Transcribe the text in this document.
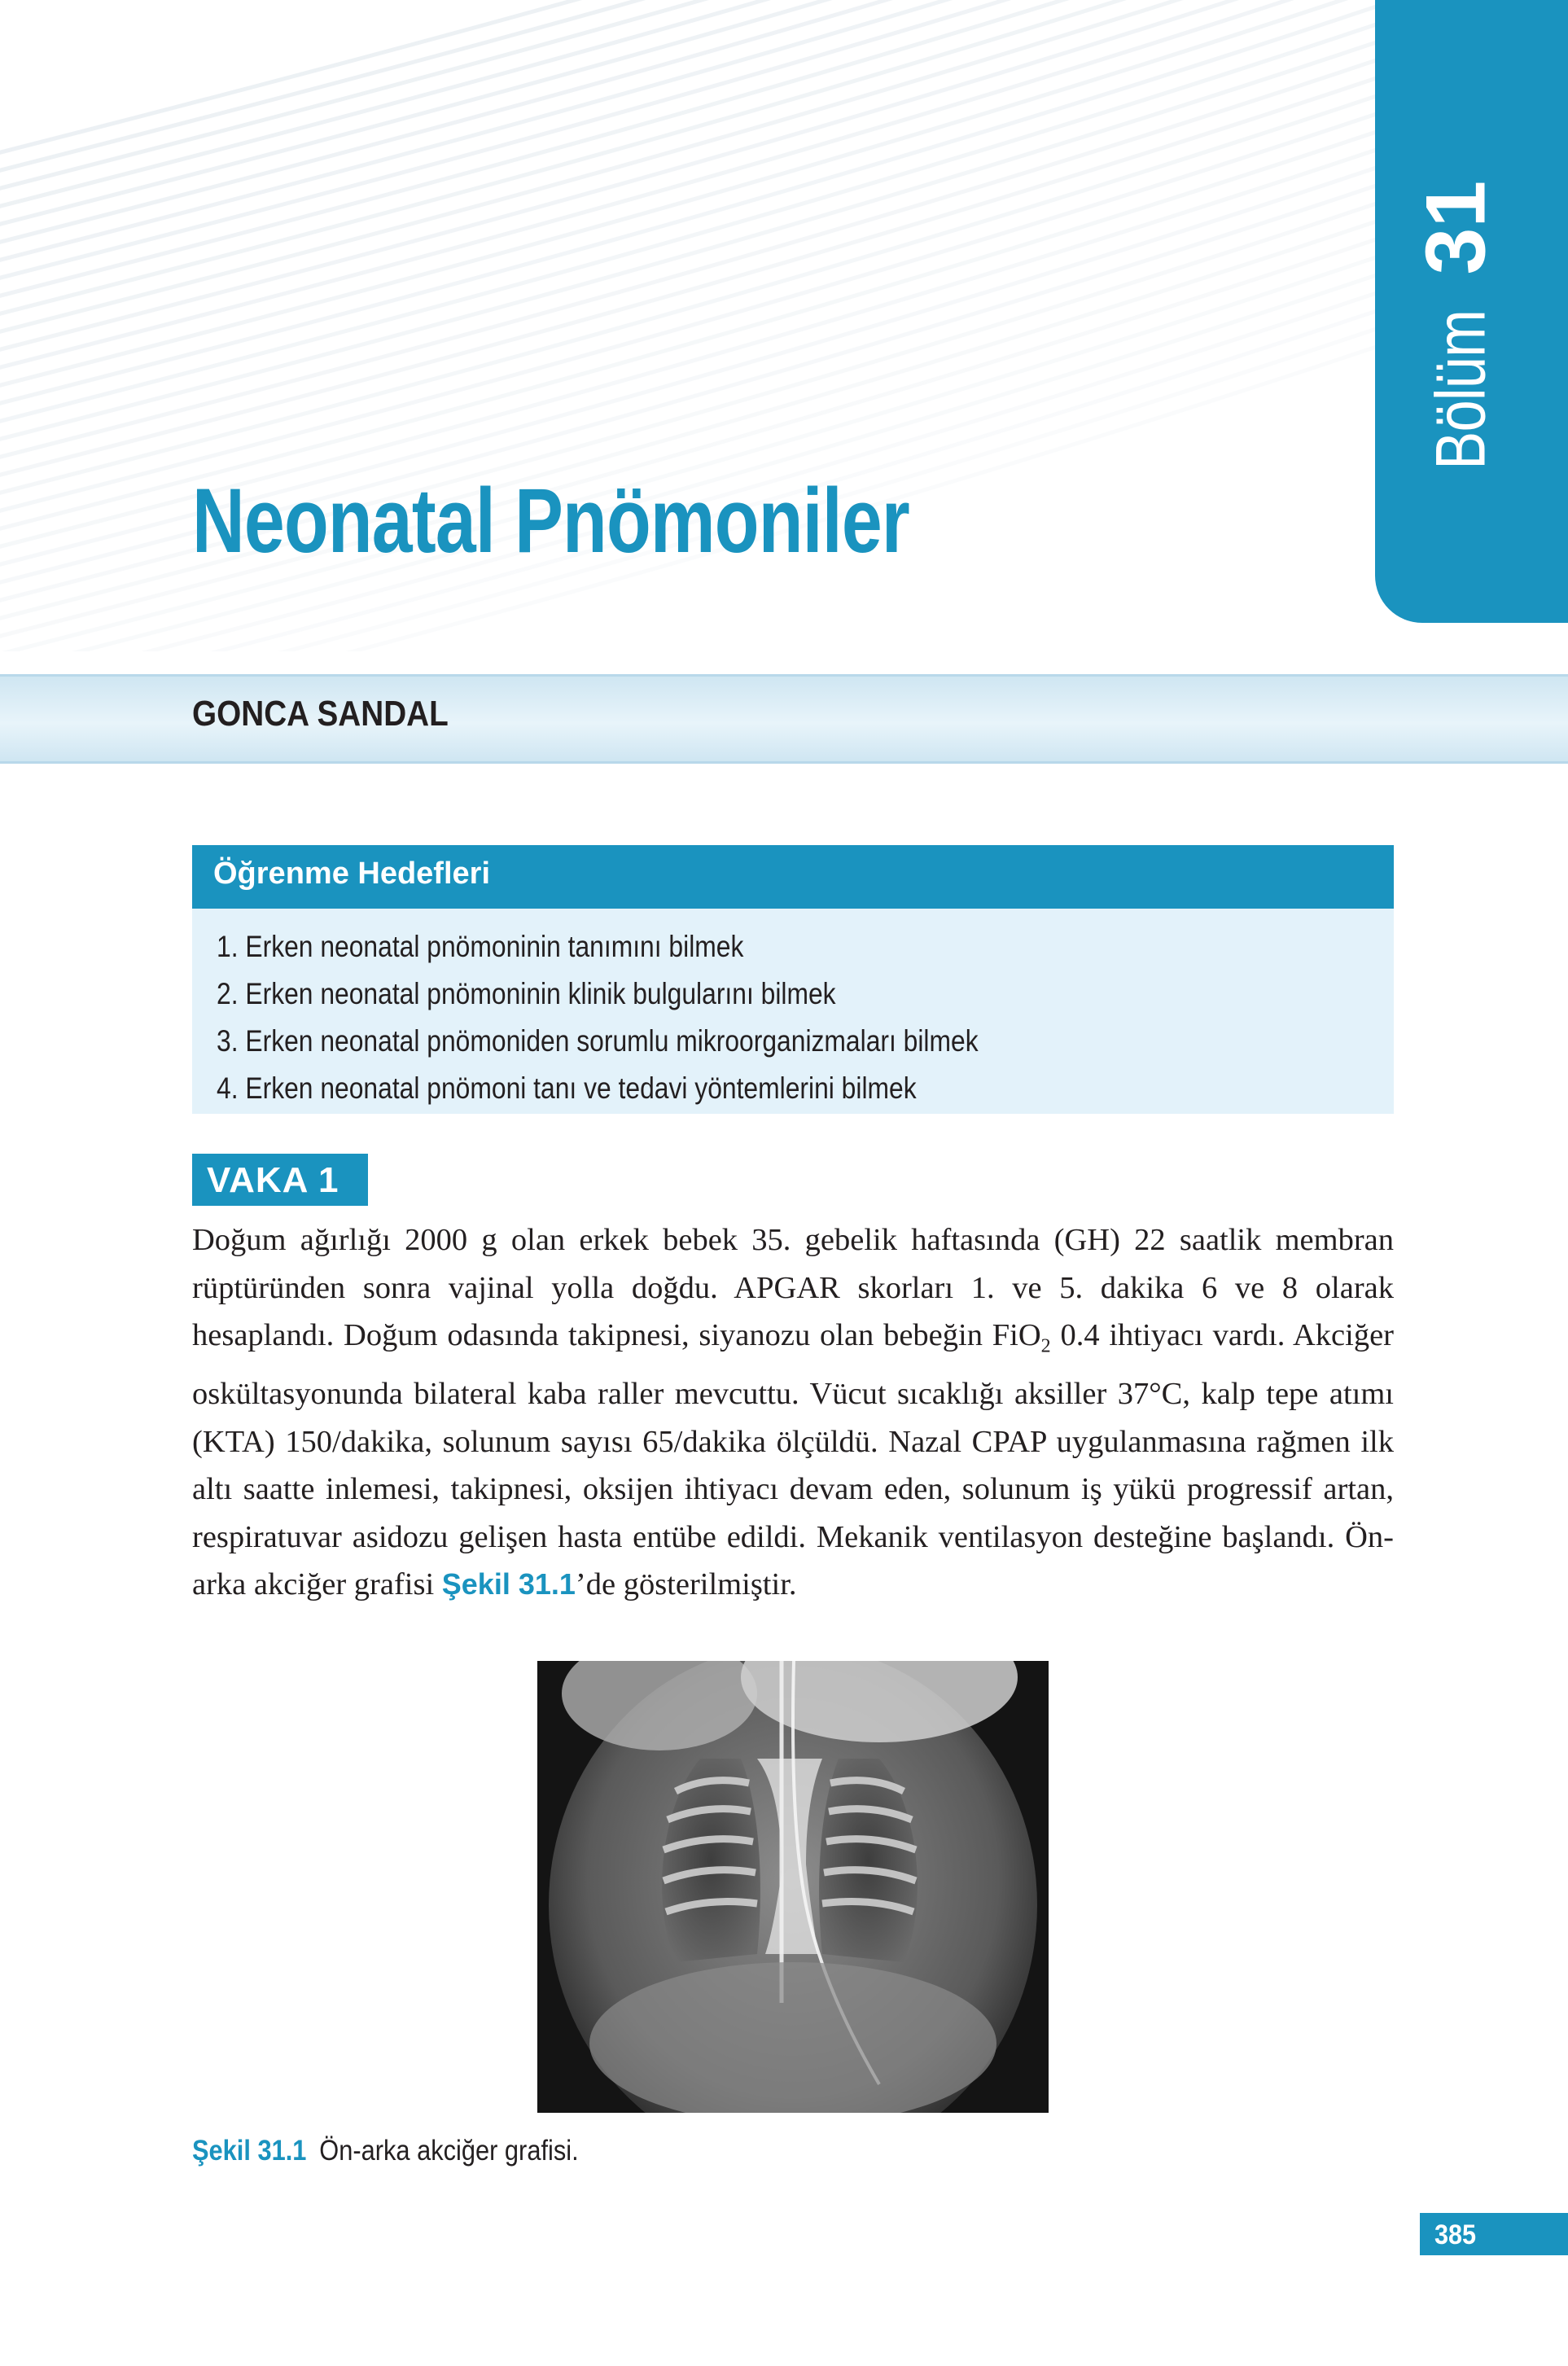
Bölüm
31
Neonatal Pnömoniler
GONCA SANDAL
Öğrenme Hedefleri
1. Erken neonatal pnömoninin tanımını bilmek
2. Erken neonatal pnömoninin klinik bulgularını bilmek
3. Erken neonatal pnömoniden sorumlu mikroorganizmaları bilmek
4. Erken neonatal pnömoni tanı ve tedavi yöntemlerini bilmek
VAKA 1

Doğum ağırlığı 2000 g olan erkek bebek 35. gebelik haftasında (GH) 22 saatlik membran rüptüründen sonra vajinal yolla doğdu. APGAR skorları 1. ve 5. dakika 6 ve 8 olarak hesaplandı. Doğum odasında takipnesi, siyanozu olan bebeğin FiO$_2$ 0.4 ihtiyacı vardı. Akciğer oskültasyonunda bilateral kaba raller mevcuttu. Vücut sıcaklığı aksiller 37°C, kalp tepe atımı (KTA) 150/dakika, solunum sayısı 65/dakika ölçüldü. Nazal CPAP uygulanmasına rağmen ilk altı saatte inlemesi, takipnesi, oksijen ihtiyacı devam eden, solunum iş yükü progressif artan, respiratuvar asidozu gelişen hasta entübe edildi. Mekanik ventilasyon desteğine başlandı. Ön-arka akciğer grafisi Şekil 31.1’de gösterilmiştir.

Şekil 31.1 Ön-arka akciğer grafisi.
385
